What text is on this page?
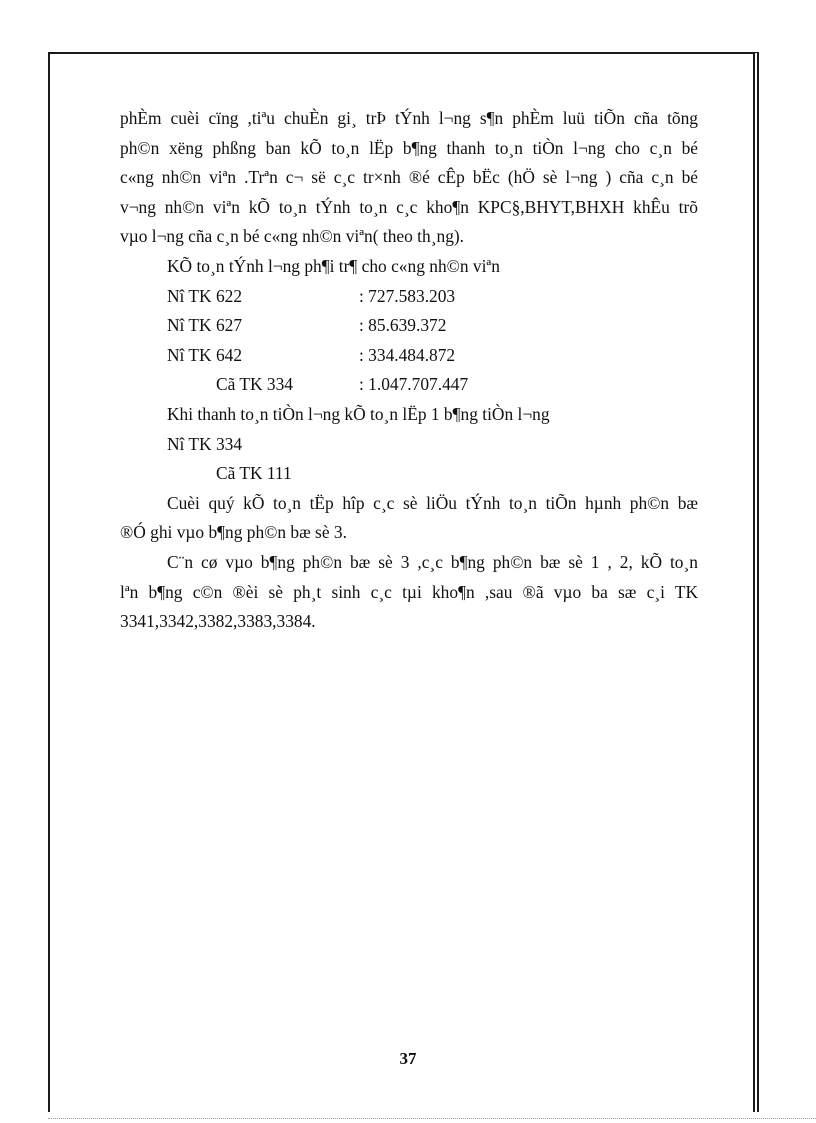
phÈm cuèi cïng ,tiªu chuÈn gi¸ trÞ tÝnh l¬ng s¶n phÈm luü tiÕn cña tõng
ph©n xëng phßng ban kÕ to¸n lËp b¶ng thanh to¸n tiÒn l¬ng cho c¸n bé
c«ng nh©n viªn .Trªn c¬ së c¸c tr×nh ®é cÊp bËc (hÖ sè l¬ng ) cña c¸n bé
v¬ng nh©n viªn kÕ to¸n tÝnh to¸n c¸c kho¶n KPC§,BHYT,BHXH khÊu trõ
vµo l¬ng cña c¸n bé c«ng nh©n viªn( theo th¸ng).
KÕ to¸n tÝnh l¬ng ph¶i tr¶ cho c«ng nh©n viªn
Nî TK 622	: 727.583.203
Nî TK 627	: 85.639.372
Nî TK 642	: 334.484.872
Cã TK 334	: 1.047.707.447
Khi thanh to¸n tiÒn l¬ng kÕ to¸n lËp 1 b¶ng tiÒn l¬ng
Nî TK 334
Cã TK 111
Cuèi quý kÕ to¸n tËp hîp c¸c sè liÖu tÝnh to¸n tiÕn hµnh ph©n bæ
®Ó ghi vµo b¶ng ph©n bæ sè 3.
C¨n cø vµo b¶ng ph©n bæ sè 3 ,c¸c b¶ng ph©n bæ sè 1 , 2, kÕ to¸n
lªn b¶ng c©n ®èi sè ph¸t sinh c¸c tµi kho¶n ,sau ®ã vµo ba sæ c¸i TK
3341,3342,3382,3383,3384.
37
